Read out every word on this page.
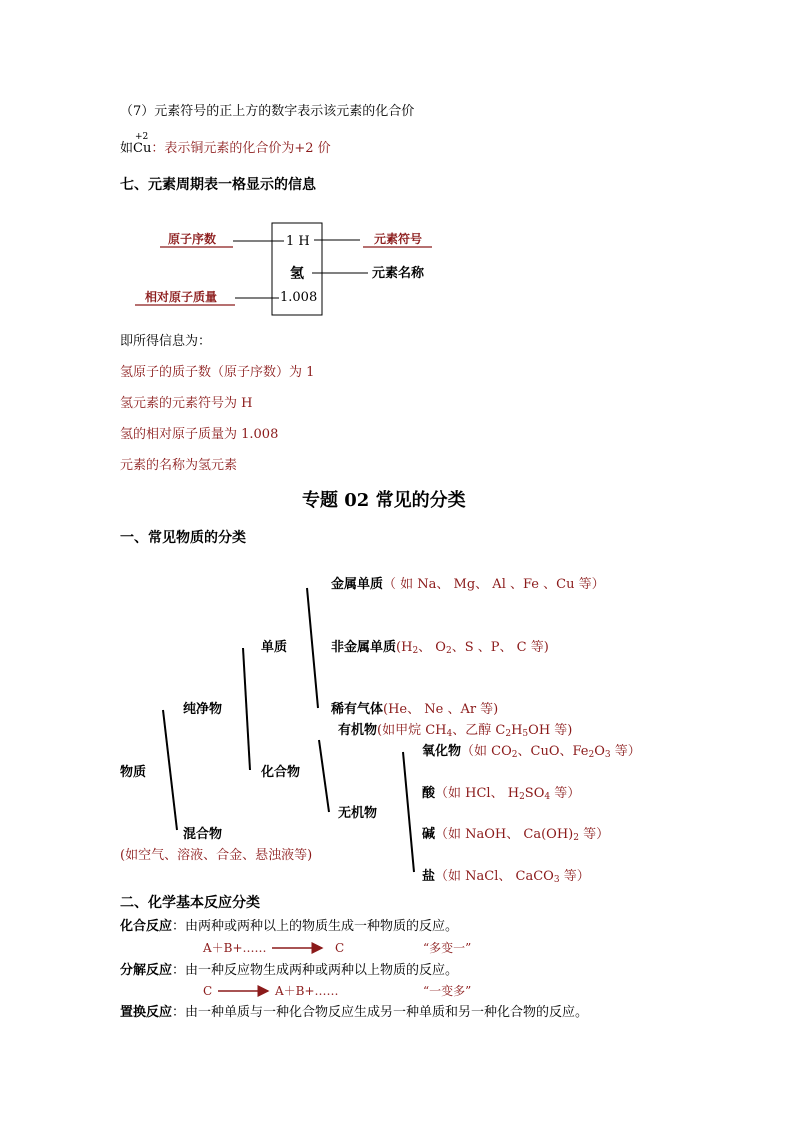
（7）元素符号的正上方的数字表示该元素的化合价
如
+2
Cu：表示铜元素的化合价为+2 价
七、元素周期表一格显示的信息
原子序数
相对原子质量
元素符号
元素名称
1 H
氢
1.008
即所得信息为：
氢原子的质子数（原子序数）为 1
氢元素的元素符号为 H
氢的相对原子质量为 1.008
元素的名称为氢元素
专题 02 常见的分类
一、常见物质的分类
物质
纯净物
混合物
(如空气、溶液、合金、悬浊液等)
单质
化合物
金属单质（ 如 Na、 Mg、 Al 、Fe 、Cu 等）
非金属单质($H_2$、 $O_2$、S 、P、 C 等)
稀有气体(He、 Ne 、Ar 等)
有机物(如甲烷 $CH_4$、乙醇 $C_2H_5OH$ 等)
无机物
氧化物（如 $CO_2$、CuO、$Fe_2O_3$ 等）
酸（如 HCl、 $H_2SO_4$ 等）
碱（如 NaOH、 $Ca(OH)_2$ 等）
盐（如 NaCl、 CaCO$_3$ 等）
二、化学基本反应分类
化合反应：由两种或两种以上的物质生成一种物质的反应。
A＋B+……	C	“多变一”
分解反应：由一种反应物生成两种或两种以上物质的反应。
C	A＋B+……	“一变多”
置换反应：由一种单质与一种化合物反应生成另一种单质和另一种化合物的反应。
